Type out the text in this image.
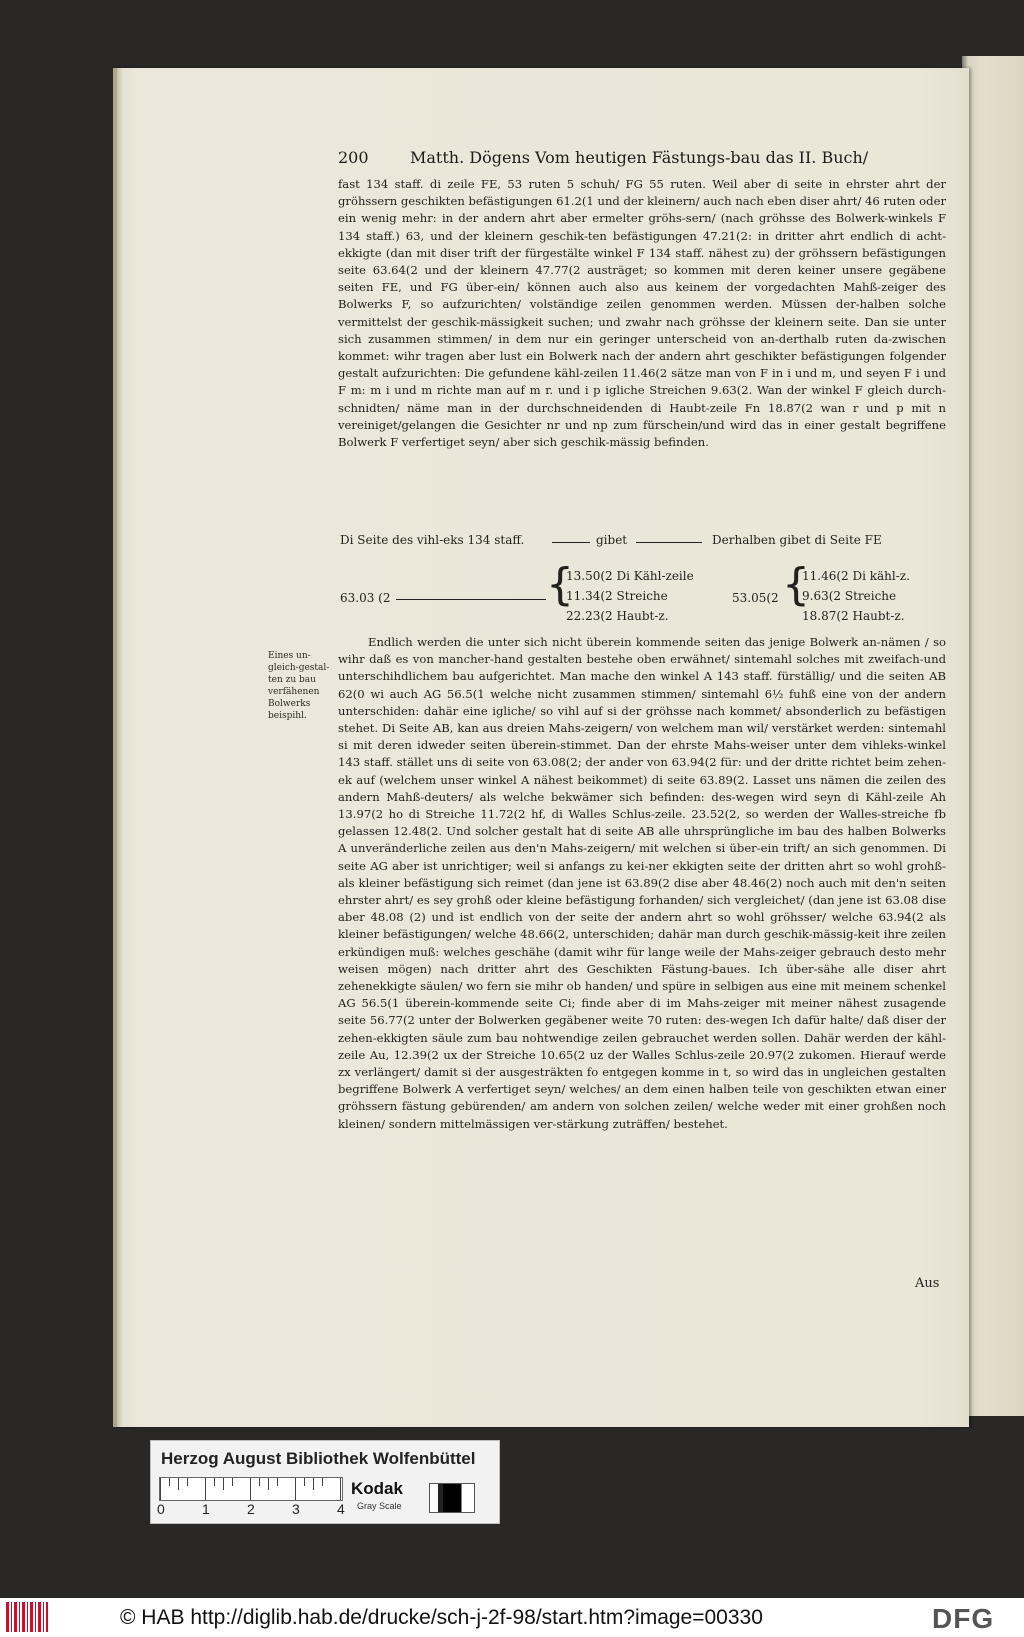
200	Matth. Dögens Vom heutigen Fästungs-bau das II. Buch/
fast 134 staff. di zeile FE, 53 ruten 5 schuh/ FG 55 ruten. Weil aber di seite in ehrster ahrt der gröhssern geschikten befästigungen 61.2(1 und der kleinern/ auch nach eben diser ahrt/ 46 ruten oder ein wenig mehr: in der andern ahrt aber ermelter gröhs-sern/ (nach gröhsse des Bolwerk-winkels F 134 staff.) 63, und der kleinern geschik-ten befästigungen 47.21(2: in dritter ahrt endlich di acht-ekkigte (dan mit diser trift der fürgestälte winkel F 134 staff. nähest zu) der gröhssern befästigungen seite 63.64(2 und der kleinern 47.77(2 austräget; so kommen mit deren keiner unsere gegäbene seiten FE, und FG über-ein/ können auch also aus keinem der vorgedachten Mahß-zeiger des Bolwerks F, so aufzurichten/ volständige zeilen genommen werden. Müssen der-halben solche vermittelst der geschik-mässigkeit suchen; und zwahr nach gröhsse der kleinern seite. Dan sie unter sich zusammen stimmen/ in dem nur ein geringer unterscheid von an-derthalb ruten da-zwischen kommet: wihr tragen aber lust ein Bolwerk nach der andern ahrt geschikter befästigungen folgender gestalt aufzurichten: Die gefundene kähl-zeilen 11.46(2 sätze man von F in i und m, und seyen F i und F m: m i und m richte man auf m r. und i p igliche Streichen 9.63(2. Wan der winkel F gleich durch-schnidten/ näme man in der durchschneidenden di Haubt-zeile Fn 18.87(2 wan r und p mit n vereiniget/gelangen die Gesichter nr und np zum fürschein/und wird das in einer gestalt begriffene Bolwerk F verfertiget seyn/ aber sich geschik-mässig befinden.
Di Seite des vihl-eks 134 staff.	gibet	Derhalben gibet di Seite FE
63.03 (2	{
13.50(2 Di Kähl-zeile
11.34(2 Streiche
22.23(2 Haubt-z.
53.05(2 {
11.46(2 Di kähl-z.
9.63(2 Streiche
18.87(2 Haubt-z.
Eines un-gleich-gestal-ten zu bau verfähenen Bolwerks beispihl.
Endlich werden die unter sich nicht überein kommende seiten das jenige Bolwerk an-nämen / so wihr daß es von mancher-hand gestalten bestehe oben erwähnet/ sintemahl solches mit zweifach-und unterschihdlichem bau aufgerichtet. Man mache den winkel A 143 staff. fürställig/ und die seiten AB 62(0 wi auch AG 56.5(1 welche nicht zusammen stimmen/ sintemahl 6½ fuhß eine von der andern unterschiden: dahär eine igliche/ so vihl auf si der gröhsse nach kommet/ absonderlich zu befästigen stehet. Di Seite AB, kan aus dreien Mahs-zeigern/ von welchem man wil/ verstärket werden: sintemahl si mit deren idweder seiten überein-stimmet. Dan der ehrste Mahs-weiser unter dem vihleks-winkel 143 staff. stället uns di seite von 63.08(2; der ander von 63.94(2 für: und der dritte richtet beim zehen-ek auf (welchem unser winkel A nähest beikommet) di seite 63.89(2. Lasset uns nämen die zeilen des andern Mahß-deuters/ als welche bekwämer sich befinden: des-wegen wird seyn di Kähl-zeile Ah 13.97(2 ho di Streiche 11.72(2 hf, di Walles Schlus-zeile. 23.52(2, so werden der Walles-streiche fb gelassen 12.48(2. Und solcher gestalt hat di seite AB alle uhrsprüngliche im bau des halben Bolwerks A unveränderliche zeilen aus den'n Mahs-zeigern/ mit welchen si über-ein trift/ an sich genommen. Di seite AG aber ist unrichtiger; weil si anfangs zu kei-ner ekkigten seite der dritten ahrt so wohl grohß- als kleiner befästigung sich reimet (dan jene ist 63.89(2 dise aber 48.46(2) noch auch mit den'n seiten ehrster ahrt/ es sey grohß oder kleine befästigung forhanden/ sich vergleichet/ (dan jene ist 63.08 dise aber 48.08 (2) und ist endlich von der seite der andern ahrt so wohl gröhsser/ welche 63.94(2 als kleiner befästigungen/ welche 48.66(2, unterschiden; dahär man durch geschik-mässig-keit ihre zeilen erkündigen muß: welches geschähe (damit wihr für lange weile der Mahs-zeiger gebrauch desto mehr weisen mögen) nach dritter ahrt des Geschikten Fästung-baues. Ich über-sähe alle diser ahrt zehenekkigte säulen/ wo fern sie mihr ob handen/ und spüre in selbigen aus eine mit meinem schenkel AG 56.5(1 überein-kommende seite Ci; finde aber di im Mahs-zeiger mit meiner nähest zusagende seite 56.77(2 unter der Bolwerken gegäbener weite 70 ruten: des-wegen Ich dafür halte/ daß diser der zehen-ekkigten säule zum bau nohtwendige zeilen gebrauchet werden sollen. Dahär werden der kähl-zeile Au, 12.39(2 ux der Streiche 10.65(2 uz der Walles Schlus-zeile 20.97(2 zukomen. Hierauf werde zx verlängert/ damit si der ausgesträkten fo entgegen komme in t, so wird das in ungleichen gestalten begriffene Bolwerk A verfertiget seyn/ welches/ an dem einen halben teile von geschikten etwan einer gröhssern fästung gebürenden/ am andern von solchen zeilen/ welche weder mit einer grohßen noch kleinen/ sondern mittelmässigen ver-stärkung zuträffen/ bestehet.
Aus
Herzog August Bibliothek Wolfenbüttel
0	1	2	3	4
Kodak
Gray Scale
© HAB http://diglib.hab.de/drucke/sch-j-2f-98/start.htm?image=00330	DFG
